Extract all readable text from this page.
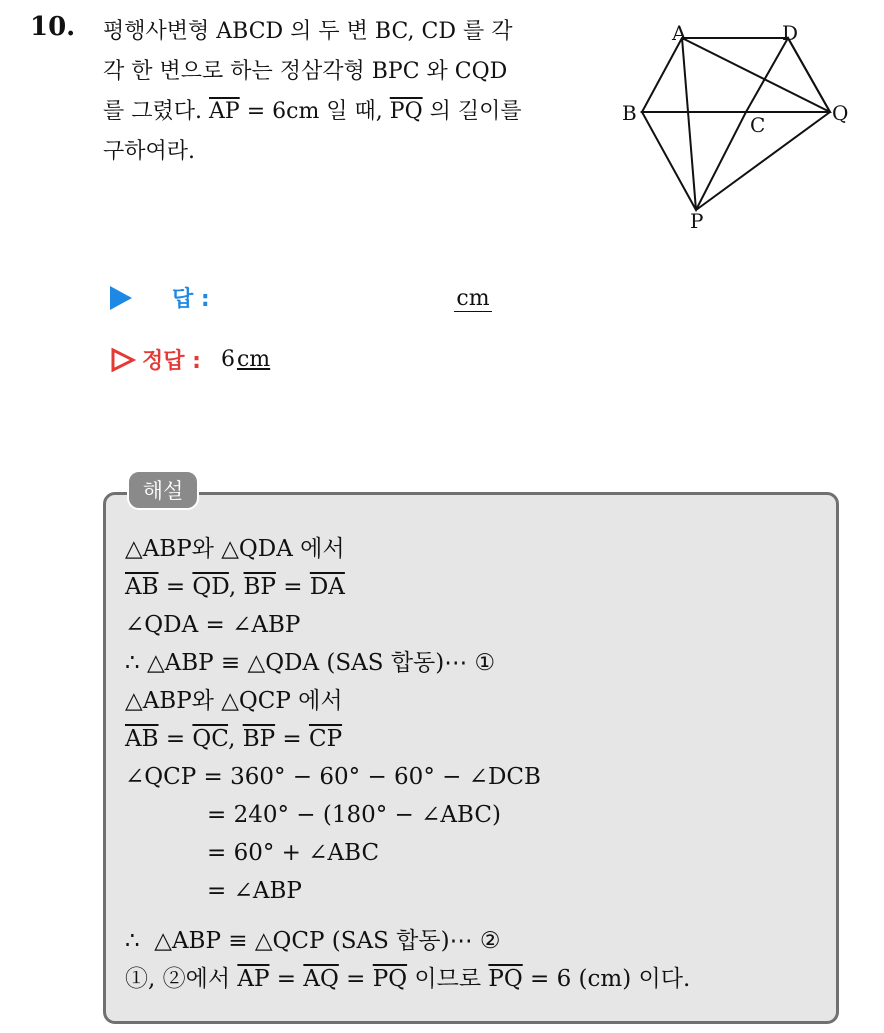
10. 평행사변형 ABCD 의 두 변 BC, CD 를 각
각 한 변으로 하는 정삼각형 BPC 와 CQD
를 그렸다. $\overline{AP} = 6cm$ 일 때, $\overline{PQ}$ 의 길이를
구하여라.

A	D
B	C	Q
P
답 :	cm
정답 : 6 cm
해설
△ABP와 △QDA 에서
$\overline{AB} = \overline{QD}$, $\overline{BP} = \overline{DA}$
∠QDA = ∠ABP
∴ △ABP ≡ △QDA (SAS 합동)⋯ ①
△ABP와 △QCP 에서
$\overline{AB} = \overline{QC}$, $\overline{BP} = \overline{CP}$
∠QCP = 360° − 60° − 60° − ∠DCB
= 240° − (180° − ∠ABC)
= 60° + ∠ABC
= ∠ABP
∴  △ABP ≡ △QCP (SAS 합동)⋯ ②
①, ②에서 $\overline{AP} = \overline{AQ} = \overline{PQ}$ 이므로 $\overline{PQ} = 6$ (cm) 이다.
